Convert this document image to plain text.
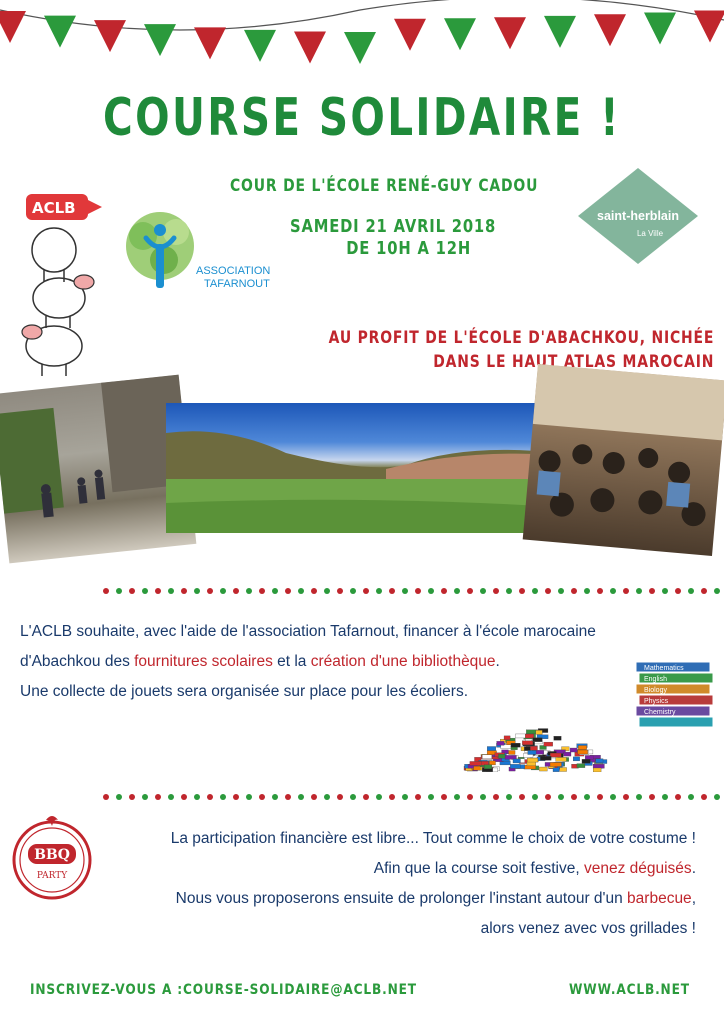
COURSE SOLIDAIRE !
COUR DE L'ÉCOLE RENÉ-GUY CADOU
SAMEDI 21 AVRIL 2018
DE 10H A 12H
ACLB
ASSOCIATION
TAFARNOUT
saint-herblain
La Ville
AU PROFIT DE L'ÉCOLE D'ABACHKOU, NICHÉE
DANS LE HAUT ATLAS MAROCAIN
L'ACLB souhaite, avec l'aide de l'association Tafarnout, financer à l'école marocaine
d'Abachkou des fournitures scolaires et la création d'une bibliothèque.
Une collecte de jouets sera organisée sur place pour les écoliers.
Mathematics
English
Biology
Physics
Chemistry
BBQ
PARTY
La participation financière est libre... Tout comme le choix de votre costume !
Afin que la course soit festive, venez déguisés.
Nous vous proposerons ensuite de prolonger l'instant autour d'un barbecue,
alors venez avec vos grillades !
INSCRIVEZ-VOUS A :COURSE-SOLIDAIRE@ACLB.NET	WWW.ACLB.NET
